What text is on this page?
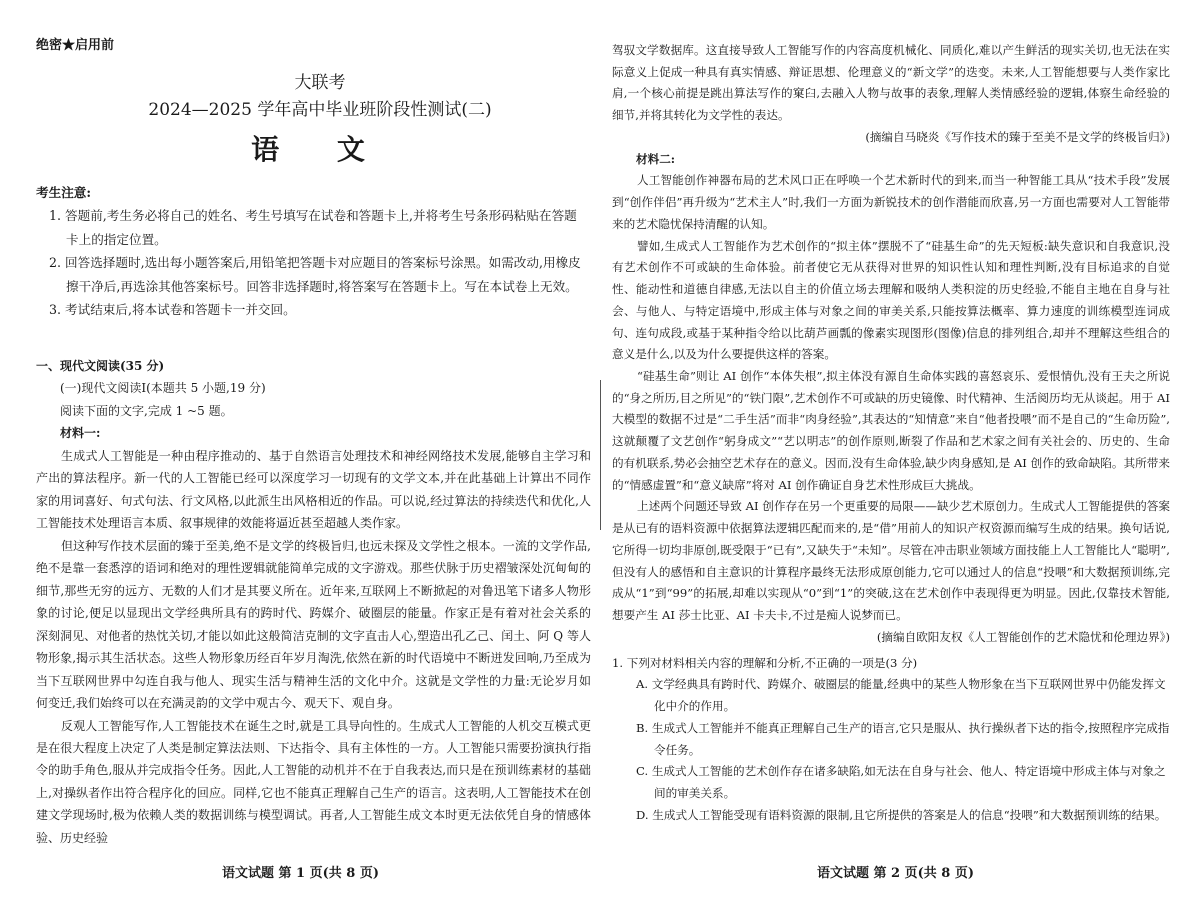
绝密★启用前
大联考
2024—2025 学年高中毕业班阶段性测试(二)
语 文
考生注意:
1. 答题前,考生务必将自己的姓名、考生号填写在试卷和答题卡上,并将考生号条形码粘贴在答题卡上的指定位置。
2. 回答选择题时,选出每小题答案后,用铅笔把答题卡对应题目的答案标号涂黑。如需改动,用橡皮擦干净后,再选涂其他答案标号。回答非选择题时,将答案写在答题卡上。写在本试卷上无效。
3. 考试结束后,将本试卷和答题卡一并交回。

一、现代文阅读(35 分)

(一)现代文阅读Ⅰ(本题共 5 小题,19 分)

阅读下面的文字,完成 1 ~5 题。

材料一:

生成式人工智能是一种由程序推动的、基于自然语言处理技术和神经网络技术发展,能够自主学习和产出的算法程序。新一代的人工智能已经可以深度学习一切现有的文学文本,并在此基础上计算出不同作家的用词喜好、句式句法、行文风格,以此派生出风格相近的作品。可以说,经过算法的持续迭代和优化,人工智能技术处理语言本质、叙事规律的效能将逼近甚至超越人类作家。

但这种写作技术层面的臻于至美,绝不是文学的终极旨归,也远未探及文学性之根本。一流的文学作品,绝不是靠一套悉淳的语词和绝对的理性逻辑就能简单完成的文字游戏。那些伏脉于历史褶皱深处沉甸甸的细节,那些无穷的远方、无数的人们才是其要义所在。近年来,互联网上不断掀起的对鲁迅笔下诸多人物形象的讨论,便足以显现出文学经典所具有的跨时代、跨媒介、破圈层的能量。作家正是有着对社会关系的深刻洞见、对他者的热忱关切,才能以如此这般简洁克制的文字直击人心,塑造出孔乙己、闰土、阿 Q 等人物形象,揭示其生活状态。这些人物形象历经百年岁月淘洗,依然在新的时代语境中不断迸发回响,乃至成为当下互联网世界中勾连自我与他人、现实生活与精神生活的文化中介。这就是文学性的力量:无论岁月如何变迁,我们始终可以在充满灵韵的文学中观古今、观天下、观自身。

反观人工智能写作,人工智能技术在诞生之时,就是工具导向性的。生成式人工智能的人机交互模式更是在很大程度上决定了人类是制定算法法则、下达指令、具有主体性的一方。人工智能只需要扮演执行指令的助手角色,服从并完成指令任务。因此,人工智能的动机并不在于自我表达,而只是在预训练素材的基础上,对操纵者作出符合程序化的回应。同样,它也不能真正理解自己生产的语言。这表明,人工智能技术在创建文学现场时,极为依赖人类的数据训练与模型调试。再者,人工智能生成文本时更无法依凭自身的情感体验、历史经验

语文试题 第 1 页(共 8 页)

驾驭文学数据库。这直接导致人工智能写作的内容高度机械化、同质化,难以产生鲜活的现实关切,也无法在实际意义上促成一种具有真实情感、辩证思想、伦理意义的“新文学”的迭变。未来,人工智能想要与人类作家比肩,一个核心前提是跳出算法写作的窠臼,去融入人物与故事的表象,理解人类情感经验的逻辑,体察生命经验的细节,并将其转化为文学性的表达。

(摘编自马晓炎《写作技术的臻于至美不是文学的终极旨归》)

材料二:

人工智能创作神器布局的艺术风口正在呼唤一个艺术新时代的到来,而当一种智能工具从“技术手段”发展到“创作伴侣”再升级为“艺术主人”时,我们一方面为新锐技术的创作潜能而欣喜,另一方面也需要对人工智能带来的艺术隐忧保持清醒的认知。

譬如,生成式人工智能作为艺术创作的“拟主体”摆脱不了“硅基生命”的先天短板:缺失意识和自我意识,没有艺术创作不可或缺的生命体验。前者使它无从获得对世界的知识性认知和理性判断,没有目标追求的自觉性、能动性和道德自律感,无法以自主的价值立场去理解和吸纳人类积淀的历史经验,不能自主地在自身与社会、与他人、与特定语境中,形成主体与对象之间的审美关系,只能按算法概率、算力速度的训练模型连词成句、连句成段,或基于某种指令给以比葫芦画瓢的像素实现图形(图像)信息的排列组合,却并不理解这些组合的意义是什么,以及为什么要提供这样的答案。

“硅基生命”则让 AI 创作“本体失根”,拟主体没有源自生命体实践的喜怒哀乐、爱恨情仇,没有王夫之所说的“身之所历,目之所见”的“铁门限”,艺术创作不可或缺的历史镜像、时代精神、生活阅历均无从谈起。用于 AI 大模型的数据不过是“二手生活”而非“肉身经验”,其表达的“知情意”来自“他者投喂”而不是自己的“生命历险”,这就颠覆了文艺创作“躬身成文”“艺以明志”的创作原则,断裂了作品和艺术家之间有关社会的、历史的、生命的有机联系,势必会抽空艺术存在的意义。因而,没有生命体验,缺少肉身感知,是 AI 创作的致命缺陷。其所带来的“情感虚置”和“意义缺席”将对 AI 创作确证自身艺术性形成巨大挑战。

上述两个问题还导致 AI 创作存在另一个更重要的局限——缺少艺术原创力。生成式人工智能提供的答案是从已有的语料资源中依据算法逻辑匹配而来的,是“借”用前人的知识产权资源而编写生成的结果。换句话说,它所得一切均非原创,既受限于“已有”,又缺失于“未知”。尽管在冲击职业领域方面技能上人工智能比人“聪明”,但没有人的感悟和自主意识的计算程序最终无法形成原创能力,它可以通过人的信息“投喂”和大数据预训练,完成从“1”到“99”的拓展,却难以实现从“0”到“1”的突破,这在艺术创作中表现得更为明显。因此,仅靠技术智能,想要产生 AI 莎士比亚、AI 卡夫卡,不过是痴人说梦而已。

(摘编自欧阳友权《人工智能创作的艺术隐忧和伦理边界》)

1. 下列对材料相关内容的理解和分析,不正确的一项是(3 分)

A. 文学经典具有跨时代、跨媒介、破圈层的能量,经典中的某些人物形象在当下互联网世界中仍能发挥文化中介的作用。

B. 生成式人工智能并不能真正理解自己生产的语言,它只是服从、执行操纵者下达的指令,按照程序完成指令任务。

C. 生成式人工智能的艺术创作存在诸多缺陷,如无法在自身与社会、他人、特定语境中形成主体与对象之间的审美关系。

D. 生成式人工智能受现有语料资源的限制,且它所提供的答案是人的信息“投喂”和大数据预训练的结果。

语文试题 第 2 页(共 8 页)
